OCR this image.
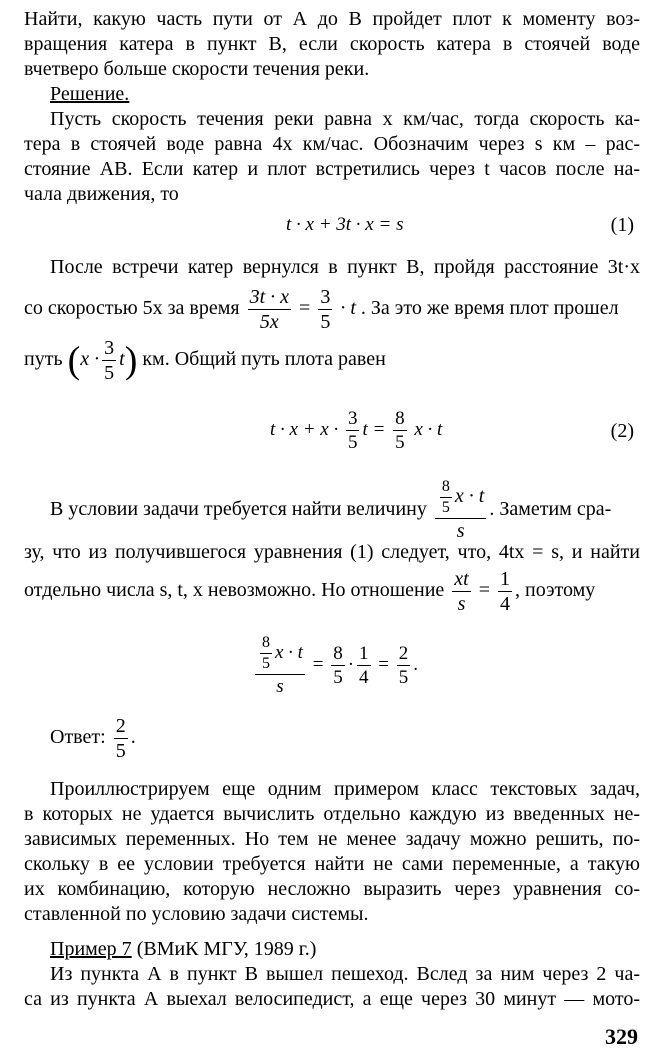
Найти, какую часть пути от А до В пройдет плот к моменту воз-
вращения катера в пункт В, если скорость катера в стоячей воде
вчетверо больше скорости течения реки.
Решение.
Пусть скорость течения реки равна x км/час, тогда скорость ка-
тера в стоячей воде равна 4x км/час. Обозначим через s км – рас-
стояние AB. Если катер и плот встретились через t часов после на-
чала движения, то
t · x + 3t · x = s	(1)
После встречи катер вернулся в пункт В, пройдя расстояние 3t·x
со скоростью 5x за время $\frac{3t \cdot x}{5x} = \frac{3}{5} \cdot t$ . За это же время плот прошел
путь $(x \cdot \frac{3}{5} t)$ км. Общий путь плота равен
$t \cdot x + x \cdot \frac{3}{5}$ $t = \frac{8}{5}$ x · t	(2)
В условии задачи требуется найти величину $\frac{\frac{8}{5} x \cdot t}{s}$ . Заметим сра-
зу, что из получившегося уравнения (1) следует, что, 4tx = s, и найти
отдельно числа s, t, x невозможно. Но отношение $\frac{xt}{s} = \frac{1}{4}$ , поэтому
$\frac{\frac{8}{5} x \cdot t}{s} = \frac{8}{5} \cdot \frac{1}{4} = \frac{2}{5}$ .
Ответ: $\frac{2}{5}$ .
Проиллюстрируем еще одним примером класс текстовых задач,
в которых не удается вычислить отдельно каждую из введенных не-
зависимых переменных. Но тем не менее задачу можно решить, по-
скольку в ее условии требуется найти не сами переменные, а такую
их комбинацию, которую несложно выразить через уравнения со-
ставленной по условию задачи системы.
Пример 7 (ВМиК МГУ, 1989 г.)
Из пункта А в пункт В вышел пешеход. Вслед за ним через 2 ча-
са из пункта А выехал велосипедист, а еще через 30 минут — мото-
329
